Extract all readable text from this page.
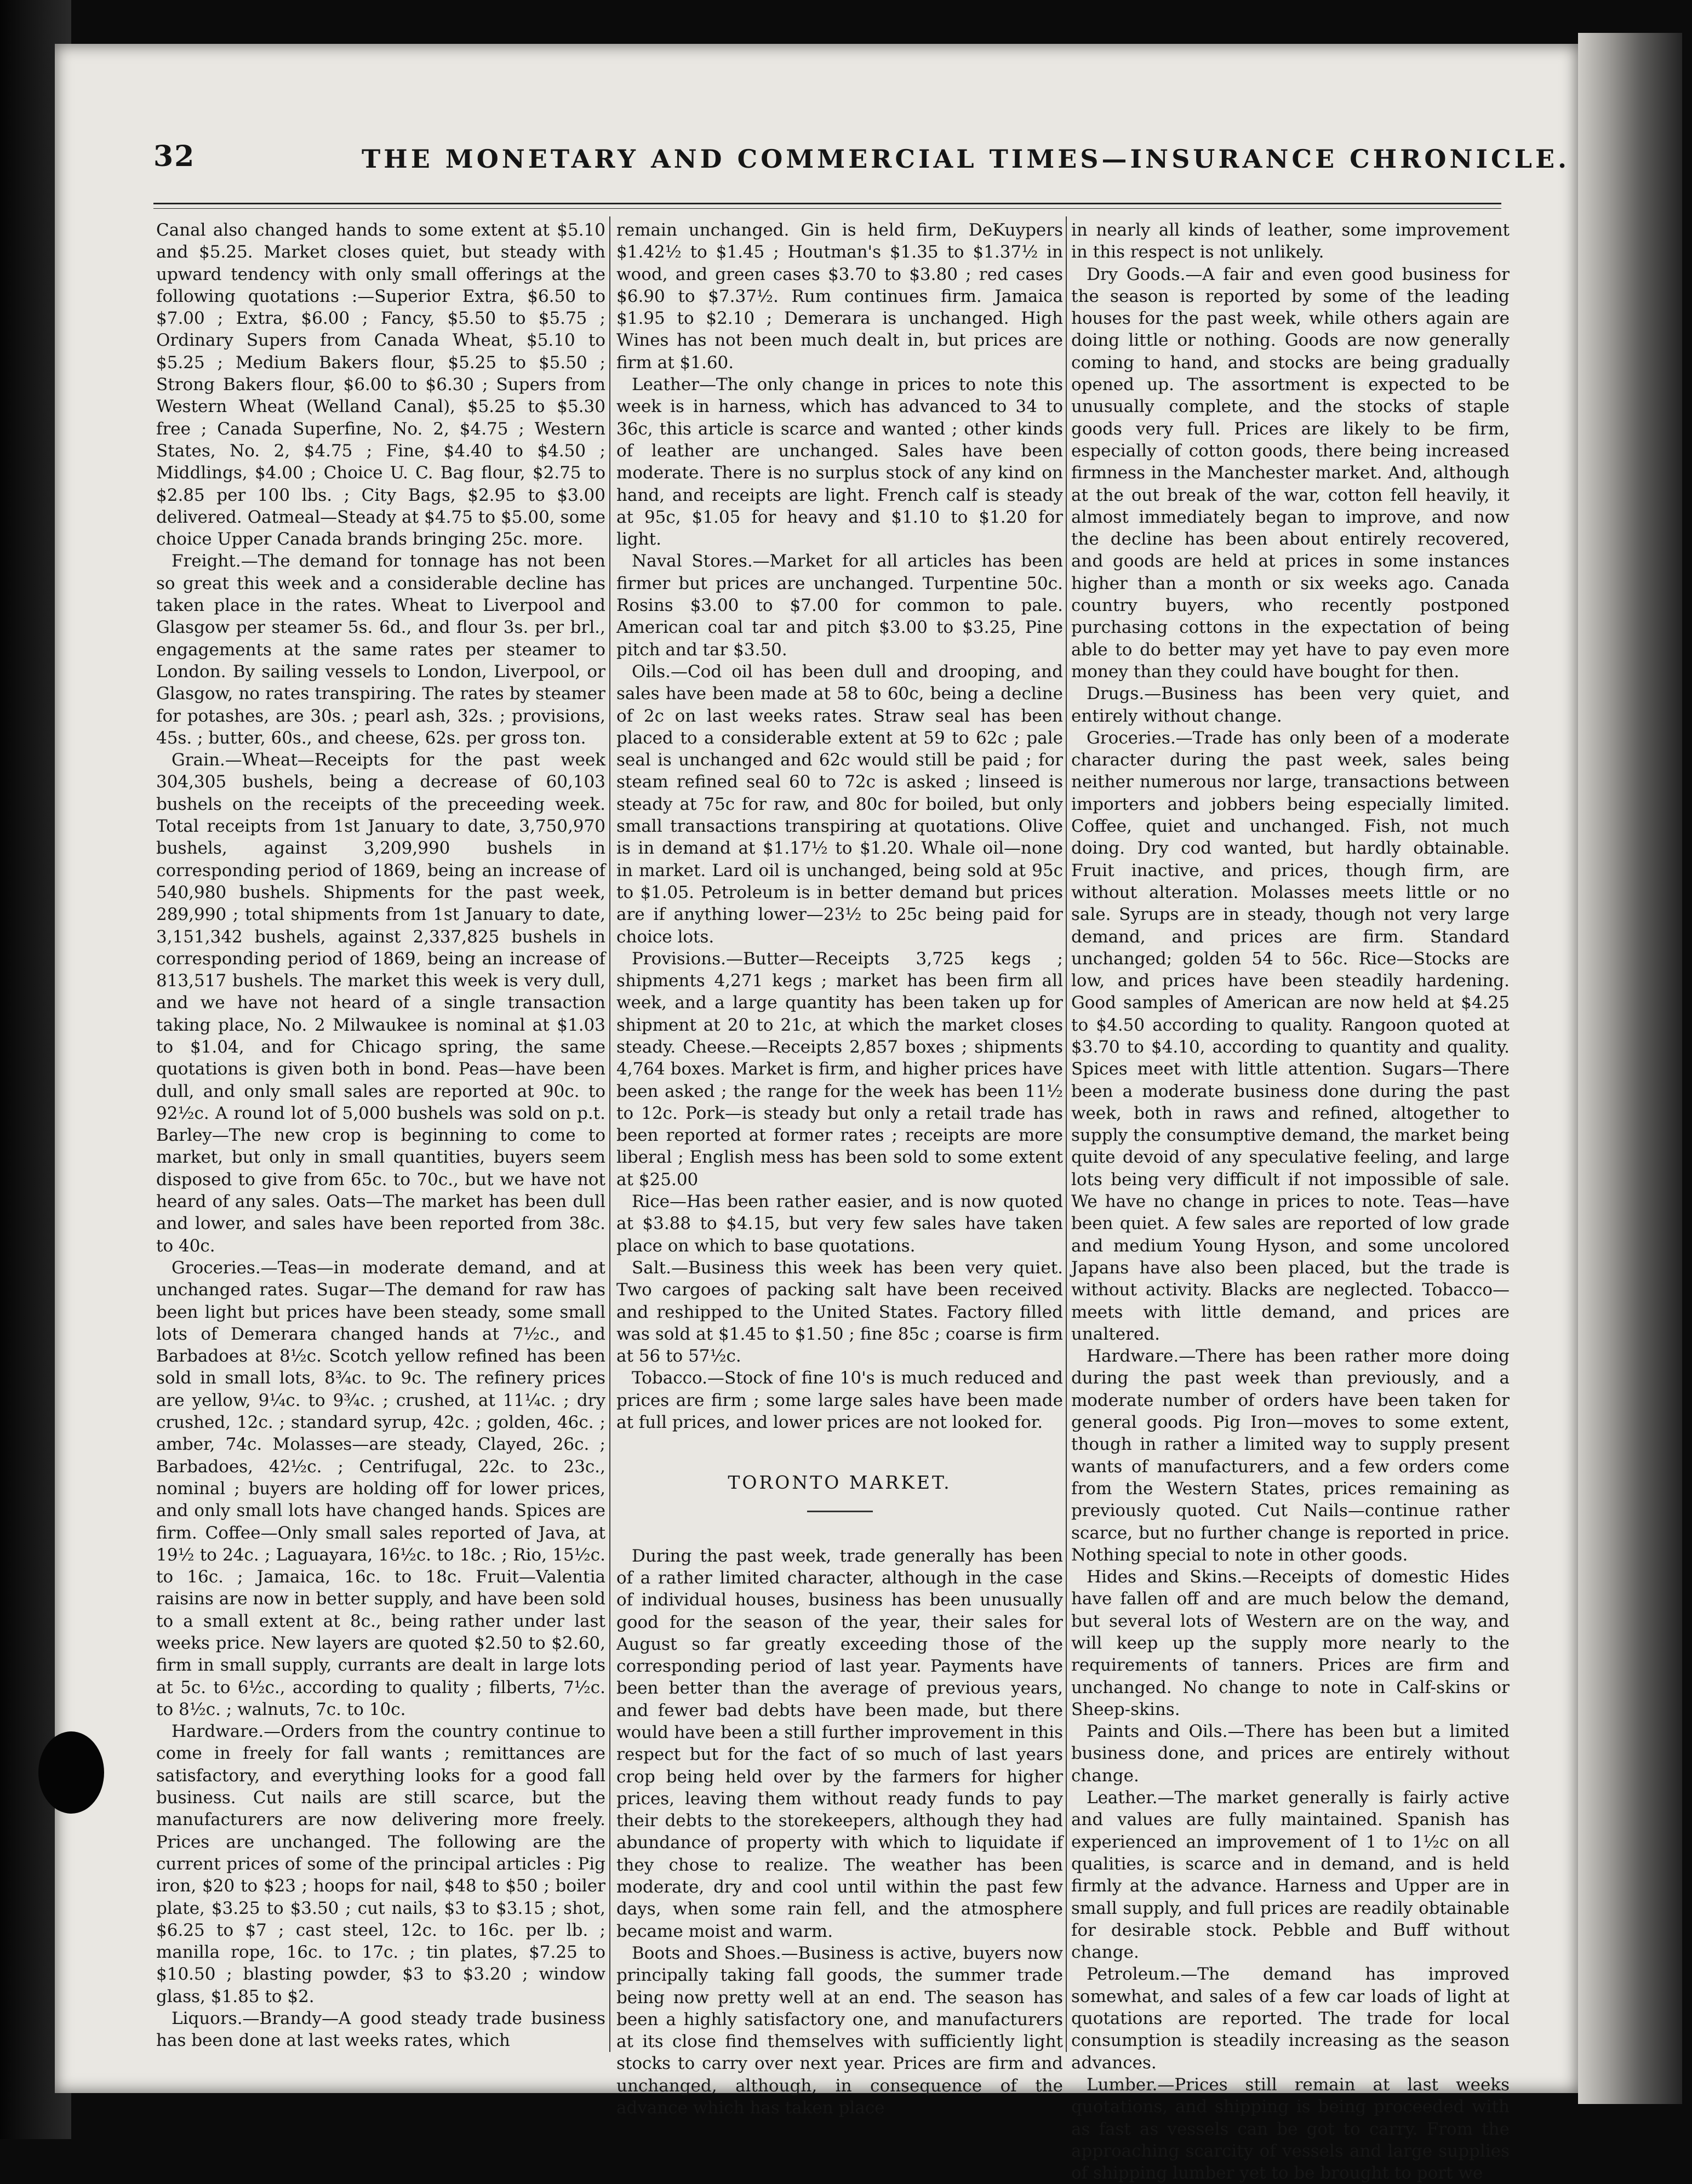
32	THE MONETARY AND COMMERCIAL TIMES—INSURANCE CHRONICLE.

Canal also changed hands to some extent at $5.10 and $5.25. Market closes quiet, but steady with upward tendency with only small offerings at the following quotations :—Superior Extra, $6.50 to $7.00 ; Extra, $6.00 ; Fancy, $5.50 to $5.75 ; Ordinary Supers from Canada Wheat, $5.10 to $5.25 ; Medium Bakers flour, $5.25 to $5.50 ; Strong Bakers flour, $6.00 to $6.30 ; Supers from Western Wheat (Welland Canal), $5.25 to $5.30 free ; Canada Superfine, No. 2, $4.75 ; Western States, No. 2, $4.75 ; Fine, $4.40 to $4.50 ; Middlings, $4.00 ; Choice U. C. Bag flour, $2.75 to $2.85 per 100 lbs. ; City Bags, $2.95 to $3.00 delivered. Oatmeal—Steady at $4.75 to $5.00, some choice Upper Canada brands bringing 25c. more.

Freight.—The demand for tonnage has not been so great this week and a considerable decline has taken place in the rates. Wheat to Liverpool and Glasgow per steamer 5s. 6d., and flour 3s. per brl., engagements at the same rates per steamer to London. By sailing vessels to London, Liverpool, or Glasgow, no rates transpiring. The rates by steamer for potashes, are 30s. ; pearl ash, 32s. ; provisions, 45s. ; butter, 60s., and cheese, 62s. per gross ton.

Grain.—Wheat—Receipts for the past week 304,305 bushels, being a decrease of 60,103 bushels on the receipts of the preceeding week. Total receipts from 1st January to date, 3,750,970 bushels, against 3,209,990 bushels in corresponding period of 1869, being an increase of 540,980 bushels. Shipments for the past week, 289,990 ; total shipments from 1st January to date, 3,151,342 bushels, against 2,337,825 bushels in corresponding period of 1869, being an increase of 813,517 bushels. The market this week is very dull, and we have not heard of a single transaction taking place, No. 2 Milwaukee is nominal at $1.03 to $1.04, and for Chicago spring, the same quotations is given both in bond. Peas—have been dull, and only small sales are reported at 90c. to 92½c. A round lot of 5,000 bushels was sold on p.t. Barley—The new crop is beginning to come to market, but only in small quantities, buyers seem disposed to give from 65c. to 70c., but we have not heard of any sales. Oats—The market has been dull and lower, and sales have been reported from 38c. to 40c.

Groceries.—Teas—in moderate demand, and at unchanged rates. Sugar—The demand for raw has been light but prices have been steady, some small lots of Demerara changed hands at 7½c., and Barbadoes at 8½c. Scotch yellow refined has been sold in small lots, 8¾c. to 9c. The refinery prices are yellow, 9¼c. to 9¾c. ; crushed, at 11¼c. ; dry crushed, 12c. ; standard syrup, 42c. ; golden, 46c. ; amber, 74c. Molasses—are steady, Clayed, 26c. ; Barbadoes, 42½c. ; Centrifugal, 22c. to 23c., nominal ; buyers are holding off for lower prices, and only small lots have changed hands. Spices are firm. Coffee—Only small sales reported of Java, at 19½ to 24c. ; Laguayara, 16½c. to 18c. ; Rio, 15½c. to 16c. ; Jamaica, 16c. to 18c. Fruit—Valentia raisins are now in better supply, and have been sold to a small extent at 8c., being rather under last weeks price. New layers are quoted $2.50 to $2.60, firm in small supply, currants are dealt in large lots at 5c. to 6½c., according to quality ; filberts, 7½c. to 8½c. ; walnuts, 7c. to 10c.

Hardware.—Orders from the country continue to come in freely for fall wants ; remittances are satisfactory, and everything looks for a good fall business. Cut nails are still scarce, but the manufacturers are now delivering more freely. Prices are unchanged. The following are the current prices of some of the principal articles : Pig iron, $20 to $23 ; hoops for nail, $48 to $50 ; boiler plate, $3.25 to $3.50 ; cut nails, $3 to $3.15 ; shot, $6.25 to $7 ; cast steel, 12c. to 16c. per lb. ; manilla rope, 16c. to 17c. ; tin plates, $7.25 to $10.50 ; blasting powder, $3 to $3.20 ; window glass, $1.85 to $2.

Liquors.—Brandy—A good steady trade business has been done at last weeks rates, which

remain unchanged. Gin is held firm, DeKuypers $1.42½ to $1.45 ; Houtman's $1.35 to $1.37½ in wood, and green cases $3.70 to $3.80 ; red cases $6.90 to $7.37½. Rum continues firm. Jamaica $1.95 to $2.10 ; Demerara is unchanged. High Wines has not been much dealt in, but prices are firm at $1.60.

Leather—The only change in prices to note this week is in harness, which has advanced to 34 to 36c, this article is scarce and wanted ; other kinds of leather are unchanged. Sales have been moderate. There is no surplus stock of any kind on hand, and receipts are light. French calf is steady at 95c, $1.05 for heavy and $1.10 to $1.20 for light.

Naval Stores.—Market for all articles has been firmer but prices are unchanged. Turpentine 50c. Rosins $3.00 to $7.00 for common to pale. American coal tar and pitch $3.00 to $3.25, Pine pitch and tar $3.50.

Oils.—Cod oil has been dull and drooping, and sales have been made at 58 to 60c, being a decline of 2c on last weeks rates. Straw seal has been placed to a considerable extent at 59 to 62c ; pale seal is unchanged and 62c would still be paid ; for steam refined seal 60 to 72c is asked ; linseed is steady at 75c for raw, and 80c for boiled, but only small transactions transpiring at quotations. Olive is in demand at $1.17½ to $1.20. Whale oil—none in market. Lard oil is unchanged, being sold at 95c to $1.05. Petroleum is in better demand but prices are if anything lower—23½ to 25c being paid for choice lots.

Provisions.—Butter—Receipts 3,725 kegs ; shipments 4,271 kegs ; market has been firm all week, and a large quantity has been taken up for shipment at 20 to 21c, at which the market closes steady. Cheese.—Receipts 2,857 boxes ; shipments 4,764 boxes. Market is firm, and higher prices have been asked ; the range for the week has been 11½ to 12c. Pork—is steady but only a retail trade has been reported at former rates ; receipts are more liberal ; English mess has been sold to some extent at $25.00

Rice—Has been rather easier, and is now quoted at $3.88 to $4.15, but very few sales have taken place on which to base quotations.

Salt.—Business this week has been very quiet. Two cargoes of packing salt have been received and reshipped to the United States. Factory filled was sold at $1.45 to $1.50 ; fine 85c ; coarse is firm at 56 to 57½c.

Tobacco.—Stock of fine 10's is much reduced and prices are firm ; some large sales have been made at full prices, and lower prices are not looked for.

TORONTO MARKET.

During the past week, trade generally has been of a rather limited character, although in the case of individual houses, business has been unusually good for the season of the year, their sales for August so far greatly exceeding those of the corresponding period of last year. Payments have been better than the average of previous years, and fewer bad debts have been made, but there would have been a still further improvement in this respect but for the fact of so much of last years crop being held over by the farmers for higher prices, leaving them without ready funds to pay their debts to the storekeepers, although they had abundance of property with which to liquidate if they chose to realize. The weather has been moderate, dry and cool until within the past few days, when some rain fell, and the atmosphere became moist and warm.

Boots and Shoes.—Business is active, buyers now principally taking fall goods, the summer trade being now pretty well at an end. The season has been a highly satisfactory one, and manufacturers at its close find themselves with sufficiently light stocks to carry over next year. Prices are firm and unchanged, although, in consequence of the advance which has taken place

in nearly all kinds of leather, some improvement in this respect is not unlikely.

Dry Goods.—A fair and even good business for the season is reported by some of the leading houses for the past week, while others again are doing little or nothing. Goods are now generally coming to hand, and stocks are being gradually opened up. The assortment is expected to be unusually complete, and the stocks of staple goods very full. Prices are likely to be firm, especially of cotton goods, there being increased firmness in the Manchester market. And, although at the out break of the war, cotton fell heavily, it almost immediately began to improve, and now the decline has been about entirely recovered, and goods are held at prices in some instances higher than a month or six weeks ago. Canada country buyers, who recently postponed purchasing cottons in the expectation of being able to do better may yet have to pay even more money than they could have bought for then.

Drugs.—Business has been very quiet, and entirely without change.

Groceries.—Trade has only been of a moderate character during the past week, sales being neither numerous nor large, transactions between importers and jobbers being especially limited. Coffee, quiet and unchanged. Fish, not much doing. Dry cod wanted, but hardly obtainable. Fruit inactive, and prices, though firm, are without alteration. Molasses meets little or no sale. Syrups are in steady, though not very large demand, and prices are firm. Standard unchanged; golden 54 to 56c. Rice—Stocks are low, and prices have been steadily hardening. Good samples of American are now held at $4.25 to $4.50 according to quality. Rangoon quoted at $3.70 to $4.10, according to quantity and quality. Spices meet with little attention. Sugars—There been a moderate business done during the past week, both in raws and refined, altogether to supply the consumptive demand, the market being quite devoid of any speculative feeling, and large lots being very difficult if not impossible of sale. We have no change in prices to note. Teas—have been quiet. A few sales are reported of low grade and medium Young Hyson, and some uncolored Japans have also been placed, but the trade is without activity. Blacks are neglected. Tobacco—meets with little demand, and prices are unaltered.

Hardware.—There has been rather more doing during the past week than previously, and a moderate number of orders have been taken for general goods. Pig Iron—moves to some extent, though in rather a limited way to supply present wants of manufacturers, and a few orders come from the Western States, prices remaining as previously quoted. Cut Nails—continue rather scarce, but no further change is reported in price. Nothing special to note in other goods.

Hides and Skins.—Receipts of domestic Hides have fallen off and are much below the demand, but several lots of Western are on the way, and will keep up the supply more nearly to the requirements of tanners. Prices are firm and unchanged. No change to note in Calf-skins or Sheep-skins.

Paints and Oils.—There has been but a limited business done, and prices are entirely without change.

Leather.—The market generally is fairly active and values are fully maintained. Spanish has experienced an improvement of 1 to 1½c on all qualities, is scarce and in demand, and is held firmly at the advance. Harness and Upper are in small supply, and full prices are readily obtainable for desirable stock. Pebble and Buff without change.

Petroleum.—The demand has improved somewhat, and sales of a few car loads of light at quotations are reported. The trade for local consumption is steadily increasing as the season advances.

Lumber.—Prices still remain at last weeks quotations, and shipping is being proceeded with as fast as vessels can be got to carry. From the approaching scarcity of vessels and large supplies of shipping lumber yet to be brought to port we
